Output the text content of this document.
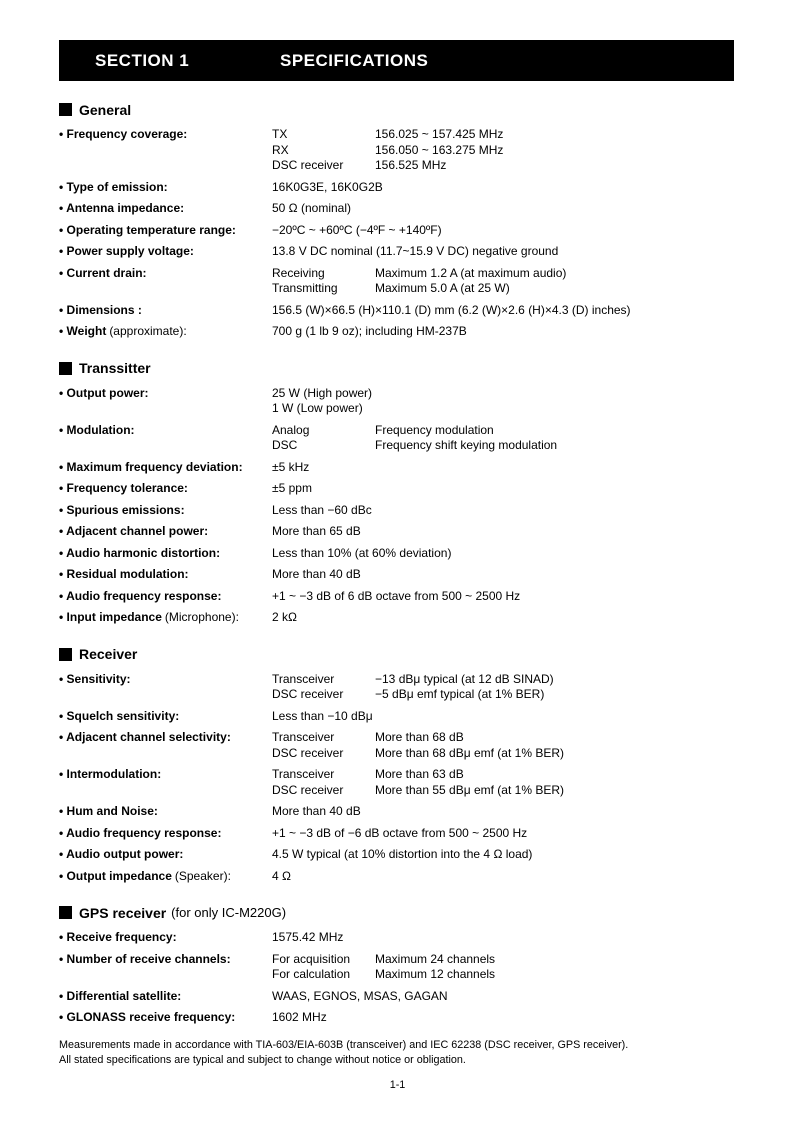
SECTION 1	SPECIFICATIONS
General
• Frequency coverage:	TX	156.025 ~ 157.425 MHz
RX	156.050 ~ 163.275 MHz
DSC receiver	156.525 MHz
• Type of emission:	16K0G3E, 16K0G2B
• Antenna impedance:	50 Ω (nominal)
• Operating temperature range:	−20ºC ~ +60ºC (−4ºF ~ +140ºF)
• Power supply voltage:	13.8 V DC nominal (11.7~15.9 V DC) negative ground
• Current drain:	Receiving	Maximum 1.2 A (at maximum audio)
Transmitting	Maximum 5.0 A (at 25 W)
• Dimensions :	156.5 (W)×66.5 (H)×110.1 (D) mm (6.2 (W)×2.6 (H)×4.3 (D) inches)
• Weight (approximate):	700 g (1 lb 9 oz); including HM-237B
Transsitter
• Output power:	25 W (High power)
1 W (Low power)
• Modulation:	Analog	Frequency modulation
DSC	Frequency shift keying modulation
• Maximum frequency deviation:	±5 kHz
• Frequency tolerance:	±5 ppm
• Spurious emissions:	Less than −60 dBc
• Adjacent channel power:	More than 65 dB
• Audio harmonic distortion:	Less than 10% (at 60% deviation)
• Residual modulation:	More than 40 dB
• Audio frequency response:	+1 ~ −3 dB of 6 dB octave from 500 ~ 2500 Hz
• Input impedance (Microphone):	2 kΩ
Receiver
• Sensitivity:	Transceiver	−13 dBμ typical (at 12 dB SINAD)
DSC receiver	−5 dBμ emf typical (at 1% BER)
• Squelch sensitivity:	Less than −10 dBμ
• Adjacent channel selectivity:	Transceiver	More than 68 dB
DSC receiver	More than 68 dBμ emf (at 1% BER)
• Intermodulation:	Transceiver	More than 63 dB
DSC receiver	More than 55 dBμ emf (at 1% BER)
• Hum and Noise:	More than 40 dB
• Audio frequency response:	+1 ~ −3 dB of −6 dB octave from 500 ~ 2500 Hz
• Audio output power:	4.5 W typical (at 10% distortion into the 4 Ω load)
• Output impedance (Speaker):	4 Ω
GPS receiver (for only IC-M220G)
• Receive frequency:	1575.42 MHz
• Number of receive channels:	For acquisition	Maximum 24 channels
For calculation	Maximum 12 channels
• Differential satellite:	WAAS, EGNOS, MSAS, GAGAN
• GLONASS receive frequency:	1602 MHz
Measurements made in accordance with TIA-603/EIA-603B (transceiver) and IEC 62238 (DSC receiver, GPS receiver).
All stated specifications are typical and subject to change without notice or obligation.
1-1
